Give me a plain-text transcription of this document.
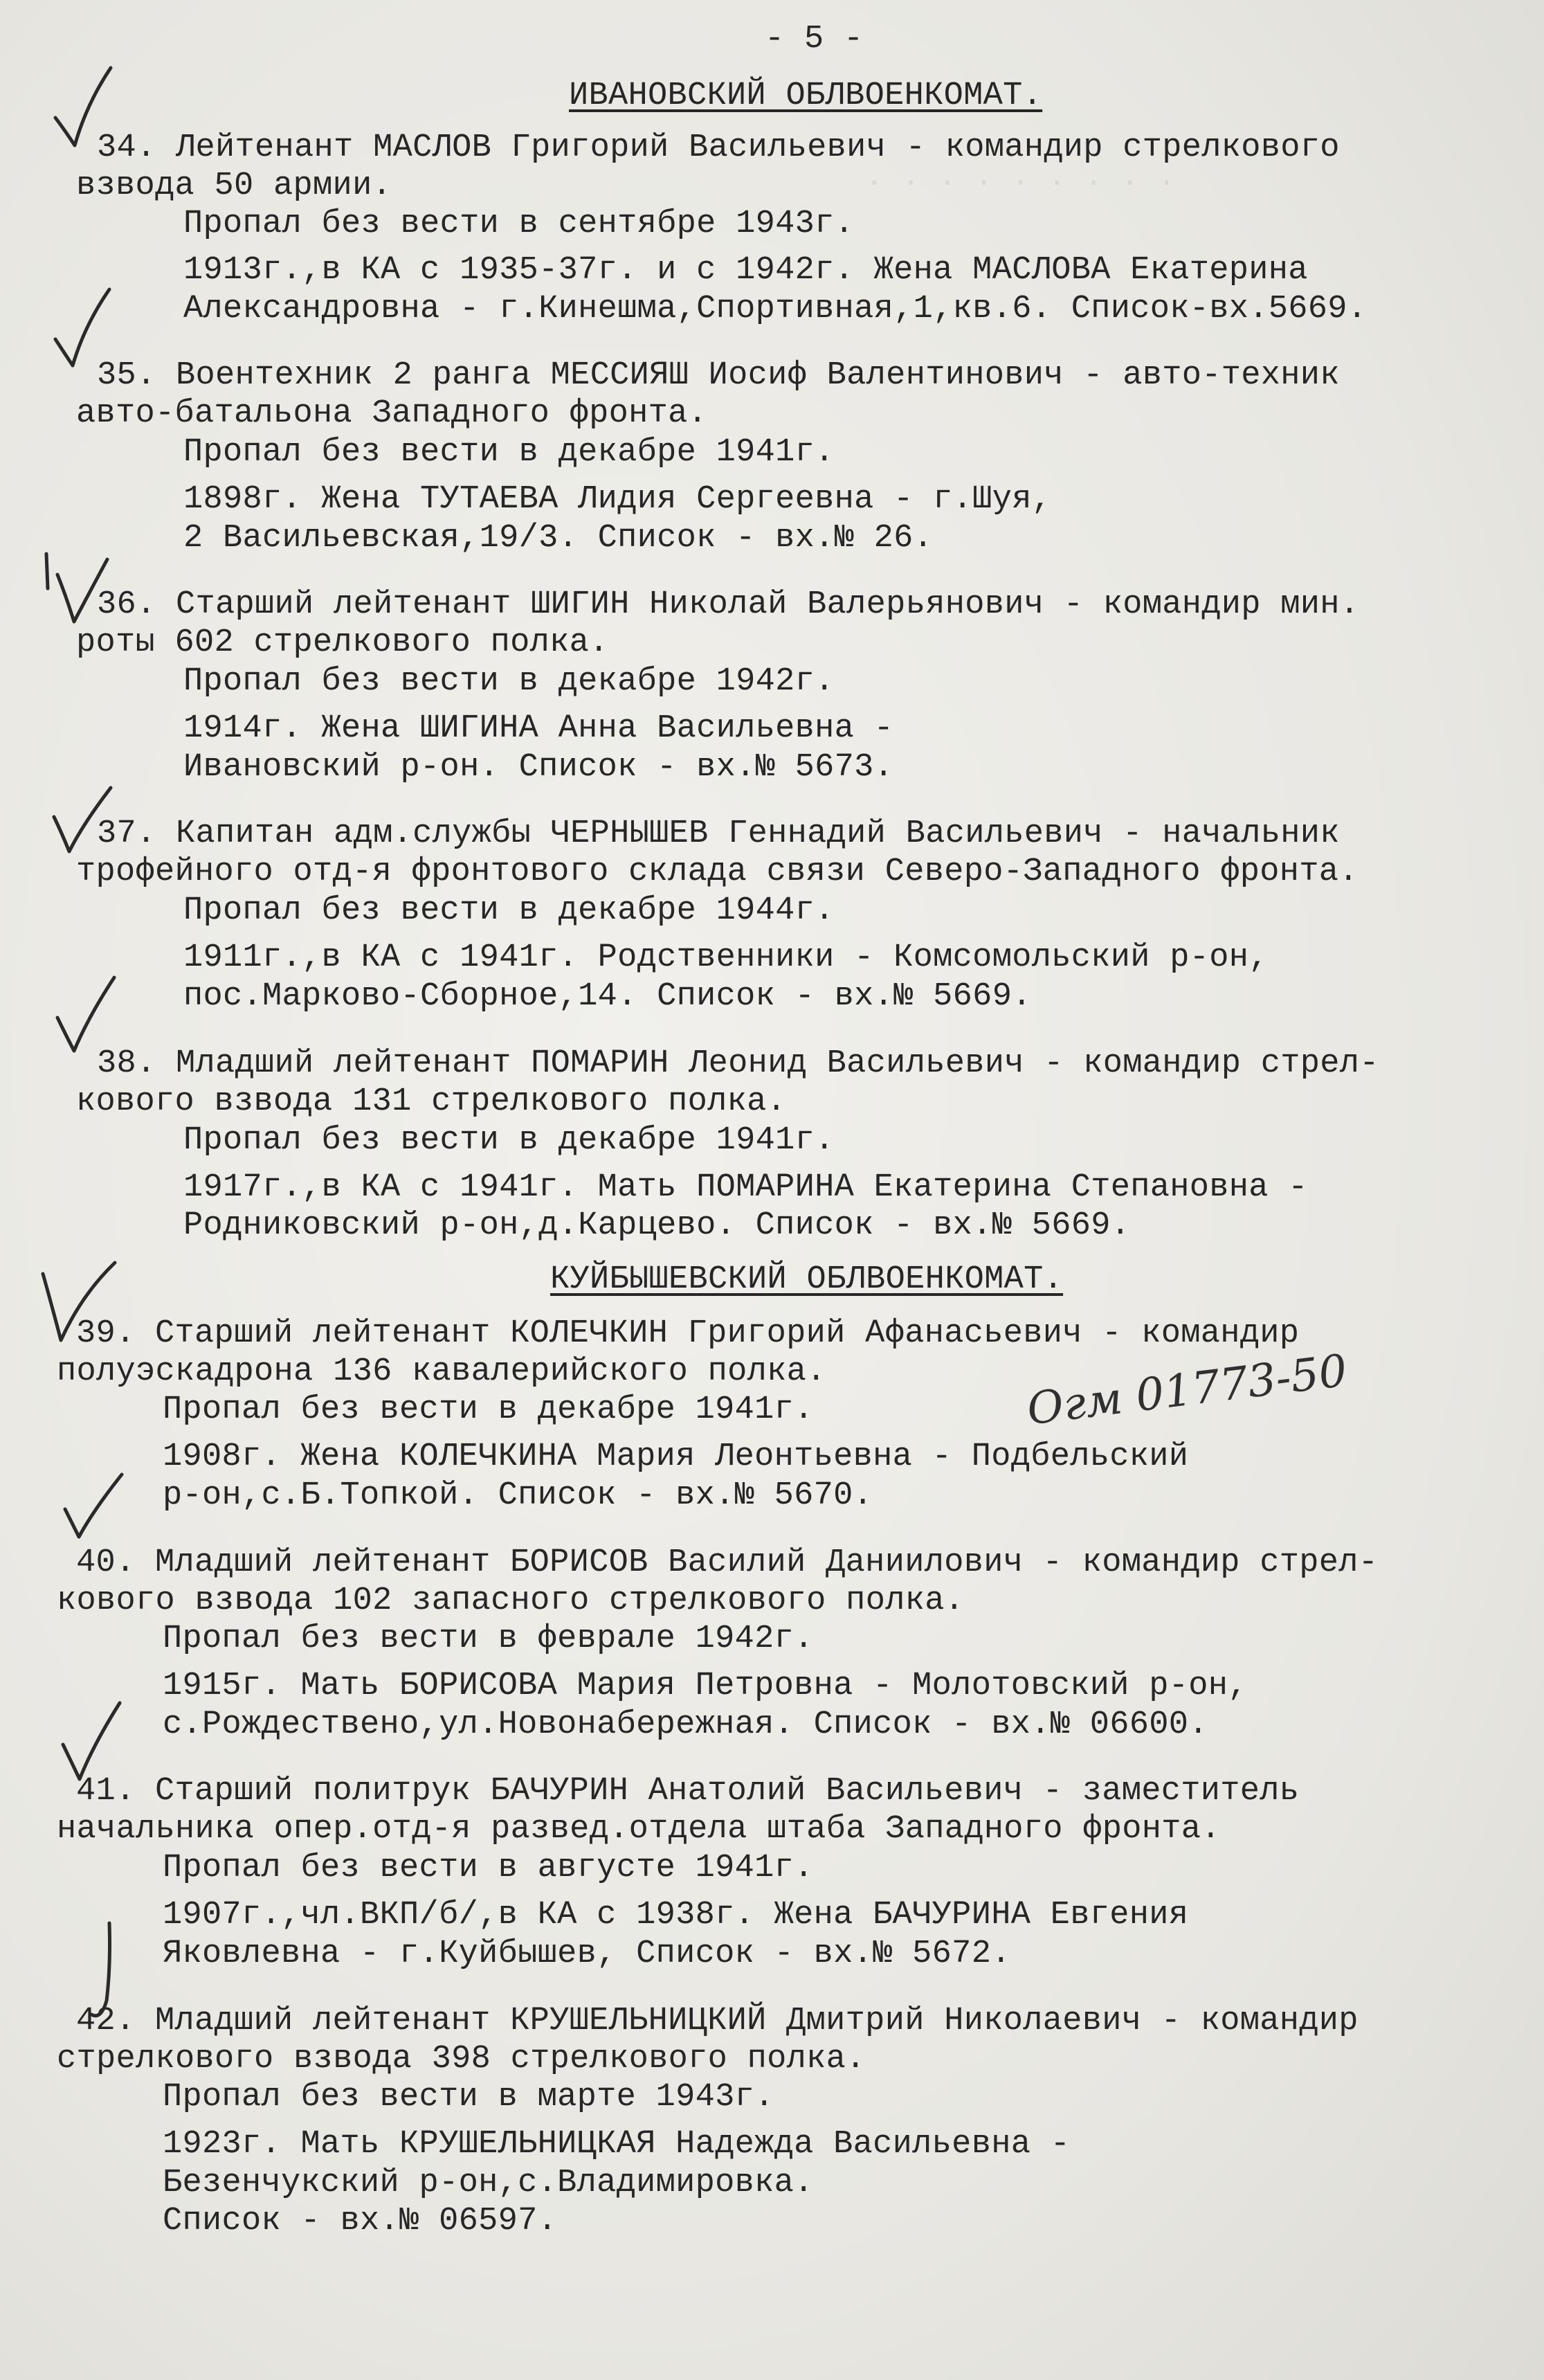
· · · · · · · · ·
- 5 -
ИВАНОВСКИЙ ОБЛВОЕНКОМАТ.
34. Лейтенант МАСЛОВ Григорий Васильевич - командир стрелкового
взвода 50 армии.
Пропал без вести в сентябре 1943г.
1913г.,в КА с 1935-37г. и с 1942г. Жена МАСЛОВА Екатерина
Александровна - г.Кинешма,Спортивная,1,кв.6. Список-вх.5669.
35. Воентехник 2 ранга МЕССИЯШ Иосиф Валентинович - авто-техник
авто-батальона Западного фронта.
Пропал без вести в декабре 1941г.
1898г. Жена ТУТАЕВА Лидия Сергеевна - г.Шуя,
2 Васильевская,19/3. Список - вх.№ 26.
36. Старший лейтенант ШИГИН Николай Валерьянович - командир мин.
роты 602 стрелкового полка.
Пропал без вести в декабре 1942г.
1914г. Жена ШИГИНА Анна Васильевна -
Ивановский р-он. Список - вх.№ 5673.
37. Капитан адм.службы ЧЕРНЫШЕВ Геннадий Васильевич - начальник
трофейного отд-я фронтового склада связи Северо-Западного фронта.
Пропал без вести в декабре 1944г.
1911г.,в КА с 1941г. Родственники - Комсомольский р-он,
пос.Марково-Сборное,14. Список - вх.№ 5669.
38. Младший лейтенант ПОМАРИН Леонид Васильевич - командир стрел-
кового взвода 131 стрелкового полка.
Пропал без вести в декабре 1941г.
1917г.,в КА с 1941г. Мать ПОМАРИНА Екатерина Степановна -
Родниковский р-он,д.Карцево. Список - вх.№ 5669.
КУЙБЫШЕВСКИЙ ОБЛВОЕНКОМАТ.
39. Старший лейтенант КОЛЕЧКИН Григорий Афанасьевич - командир
полуэскадрона 136 кавалерийского полка.
Пропал без вести в декабре 1941г.
1908г. Жена КОЛЕЧКИНА Мария Леонтьевна - Подбельский
р-он,с.Б.Топкой. Список - вх.№ 5670.
40. Младший лейтенант БОРИСОВ Василий Даниилович - командир стрел-
кового взвода 102 запасного стрелкового полка.
Пропал без вести в феврале 1942г.
1915г. Мать БОРИСОВА Мария Петровна - Молотовский р-он,
с.Рождествено,ул.Новонабережная. Список - вх.№ 06600.
41. Старший политрук БАЧУРИН Анатолий Васильевич - заместитель
начальника опер.отд-я развед.отдела штаба Западного фронта.
Пропал без вести в августе 1941г.
1907г.,чл.ВКП/б/,в КА с 1938г. Жена БАЧУРИНА Евгения
Яковлевна - г.Куйбышев, Список - вх.№ 5672.
42. Младший лейтенант КРУШЕЛЬНИЦКИЙ Дмитрий Николаевич - командир
стрелкового взвода 398 стрелкового полка.
Пропал без вести в марте 1943г.
1923г. Мать КРУШЕЛЬНИЦКАЯ Надежда Васильевна -
Безенчукский р-он,с.Владимировка.
Список - вх.№ 06597.
Огм 01773-50
